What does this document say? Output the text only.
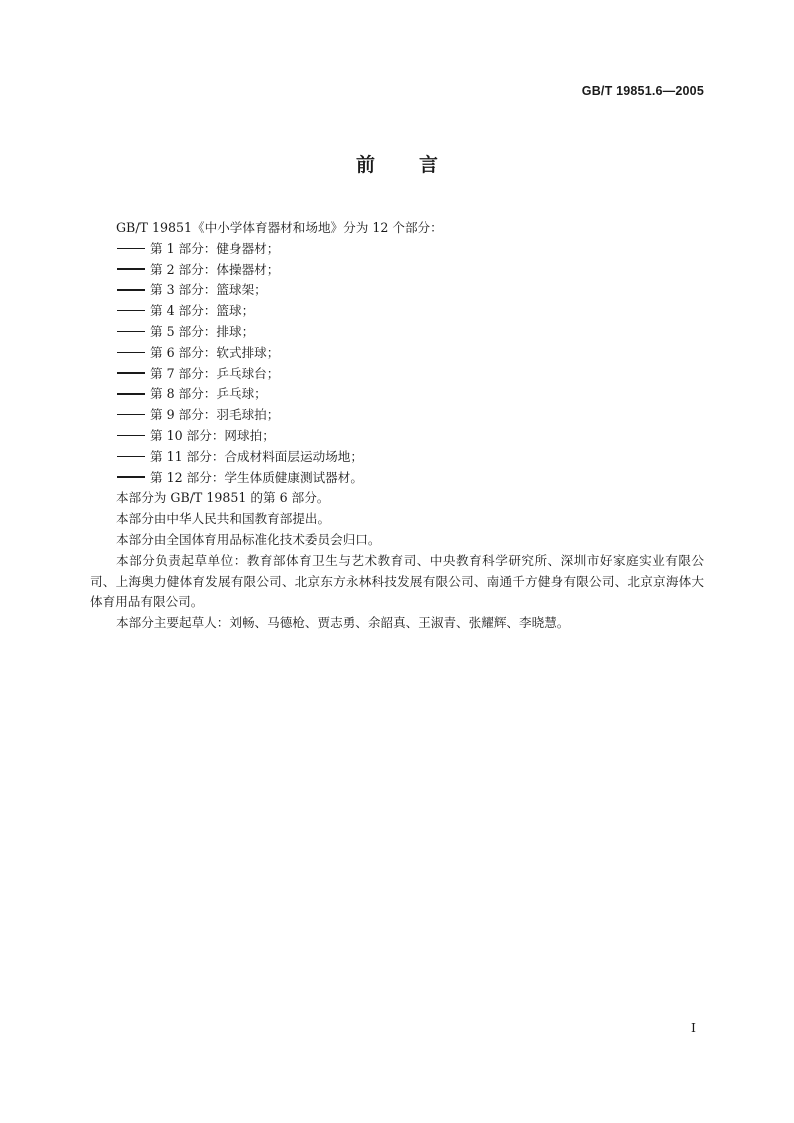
GB/T 19851.6—2005
前言

GB/T 19851《中小学体育器材和场地》分为 12 个部分：

第 1 部分：健身器材；
第 2 部分：体操器材；
第 3 部分：篮球架；
第 4 部分：篮球；
第 5 部分：排球；
第 6 部分：软式排球；
第 7 部分：乒乓球台；
第 8 部分：乒乓球；
第 9 部分：羽毛球拍；
第 10 部分：网球拍；
第 11 部分：合成材料面层运动场地；
第 12 部分：学生体质健康测试器材。

本部分为 GB/T 19851 的第 6 部分。

本部分由中华人民共和国教育部提出。

本部分由全国体育用品标准化技术委员会归口。

本部分负责起草单位：教育部体育卫生与艺术教育司、中央教育科学研究所、深圳市好家庭实业有限公司、上海奥力健体育发展有限公司、北京东方永林科技发展有限公司、南通千方健身有限公司、北京京海体大体育用品有限公司。

本部分主要起草人：刘畅、马德枪、贾志勇、余韶真、王淑青、张耀辉、李晓慧。

I
